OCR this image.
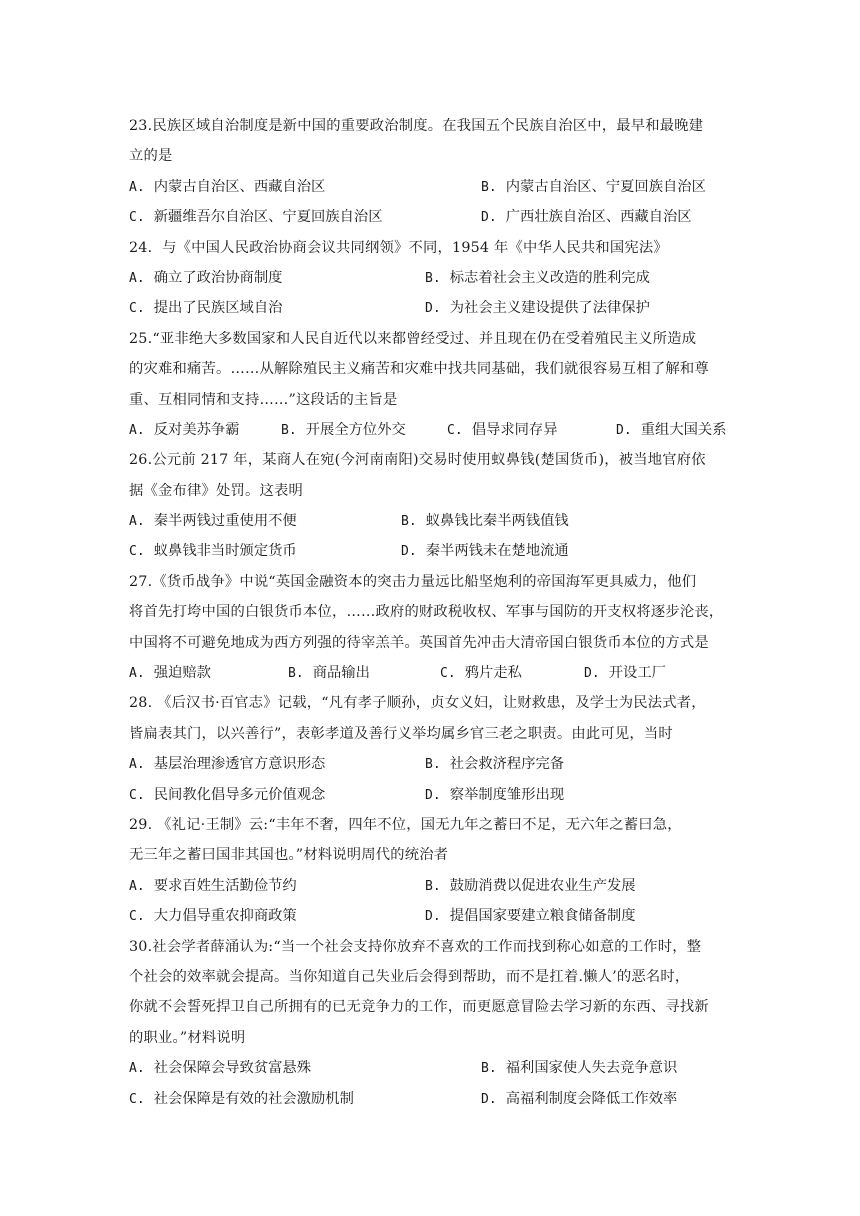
23.民族区域自治制度是新中国的重要政治制度。在我国五个民族自治区中，最早和最晚建
立的是
A. 内蒙古自治区、西藏自治区	B. 内蒙古自治区、宁夏回族自治区
C. 新疆维吾尔自治区、宁夏回族自治区	D. 广西壮族自治区、西藏自治区
24．与《中国人民政治协商会议共同纲领》不同，1954 年《中华人民共和国宪法》
A. 确立了政治协商制度	B. 标志着社会主义改造的胜利完成
C. 提出了民族区域自治	D. 为社会主义建设提供了法律保护
25.“亚非绝大多数国家和人民自近代以来都曾经受过、并且现在仍在受着殖民主义所造成
的灾难和痛苦。……从解除殖民主义痛苦和灾难中找共同基础，我们就很容易互相了解和尊
重、互相同情和支持……”这段话的主旨是
A. 反对美苏争霸	B. 开展全方位外交	C. 倡导求同存异	D. 重组大国关系
26.公元前 217 年，某商人在宛(今河南南阳)交易时使用蚁鼻钱(楚国货币)，被当地官府依
据《金布律》处罚。这表明
A. 秦半两钱过重使用不便	B. 蚁鼻钱比秦半两钱值钱
C. 蚁鼻钱非当时颁定货币	D. 秦半两钱未在楚地流通
27.《货币战争》中说“英国金融资本的突击力量远比船坚炮利的帝国海军更具威力，他们
将首先打垮中国的白银货币本位，……政府的财政税收权、军事与国防的开支权将逐步沦丧，
中国将不可避免地成为西方列强的待宰羔羊。英国首先冲击大清帝国白银货币本位的方式是
A. 强迫赔款	B. 商品输出	C. 鸦片走私	D. 开设工厂
28. 《后汉书·百官志》记载，“凡有孝子顺孙，贞女义妇，让财救患，及学士为民法式者，
皆扁表其门，以兴善行”，表彰孝道及善行义举均属乡官三老之职责。由此可见，当时
A. 基层治理渗透官方意识形态	B. 社会救济程序完备
C. 民间教化倡导多元价值观念	D. 察举制度雏形出现
29. 《礼记·王制》云:“丰年不奢，四年不位，国无九年之蓄曰不足，无六年之蓄曰急，
无三年之蓄曰国非其国也。”材料说明周代的统治者
A. 要求百姓生活勤俭节约	B. 鼓励消费以促进农业生产发展
C. 大力倡导重农抑商政策	D. 提倡国家要建立粮食储备制度
30.社会学者薛涌认为:“当一个社会支持你放弃不喜欢的工作而找到称心如意的工作时，整
个社会的效率就会提高。当你知道自己失业后会得到帮助，而不是扛着.懒人’的恶名时，
你就不会誓死捍卫自己所拥有的已无竞争力的工作，而更愿意冒险去学习新的东西、寻找新
的职业。”材料说明
A. 社会保障会导致贫富悬殊	B. 福利国家使人失去竞争意识
C. 社会保障是有效的社会激励机制	D. 高福利制度会降低工作效率
